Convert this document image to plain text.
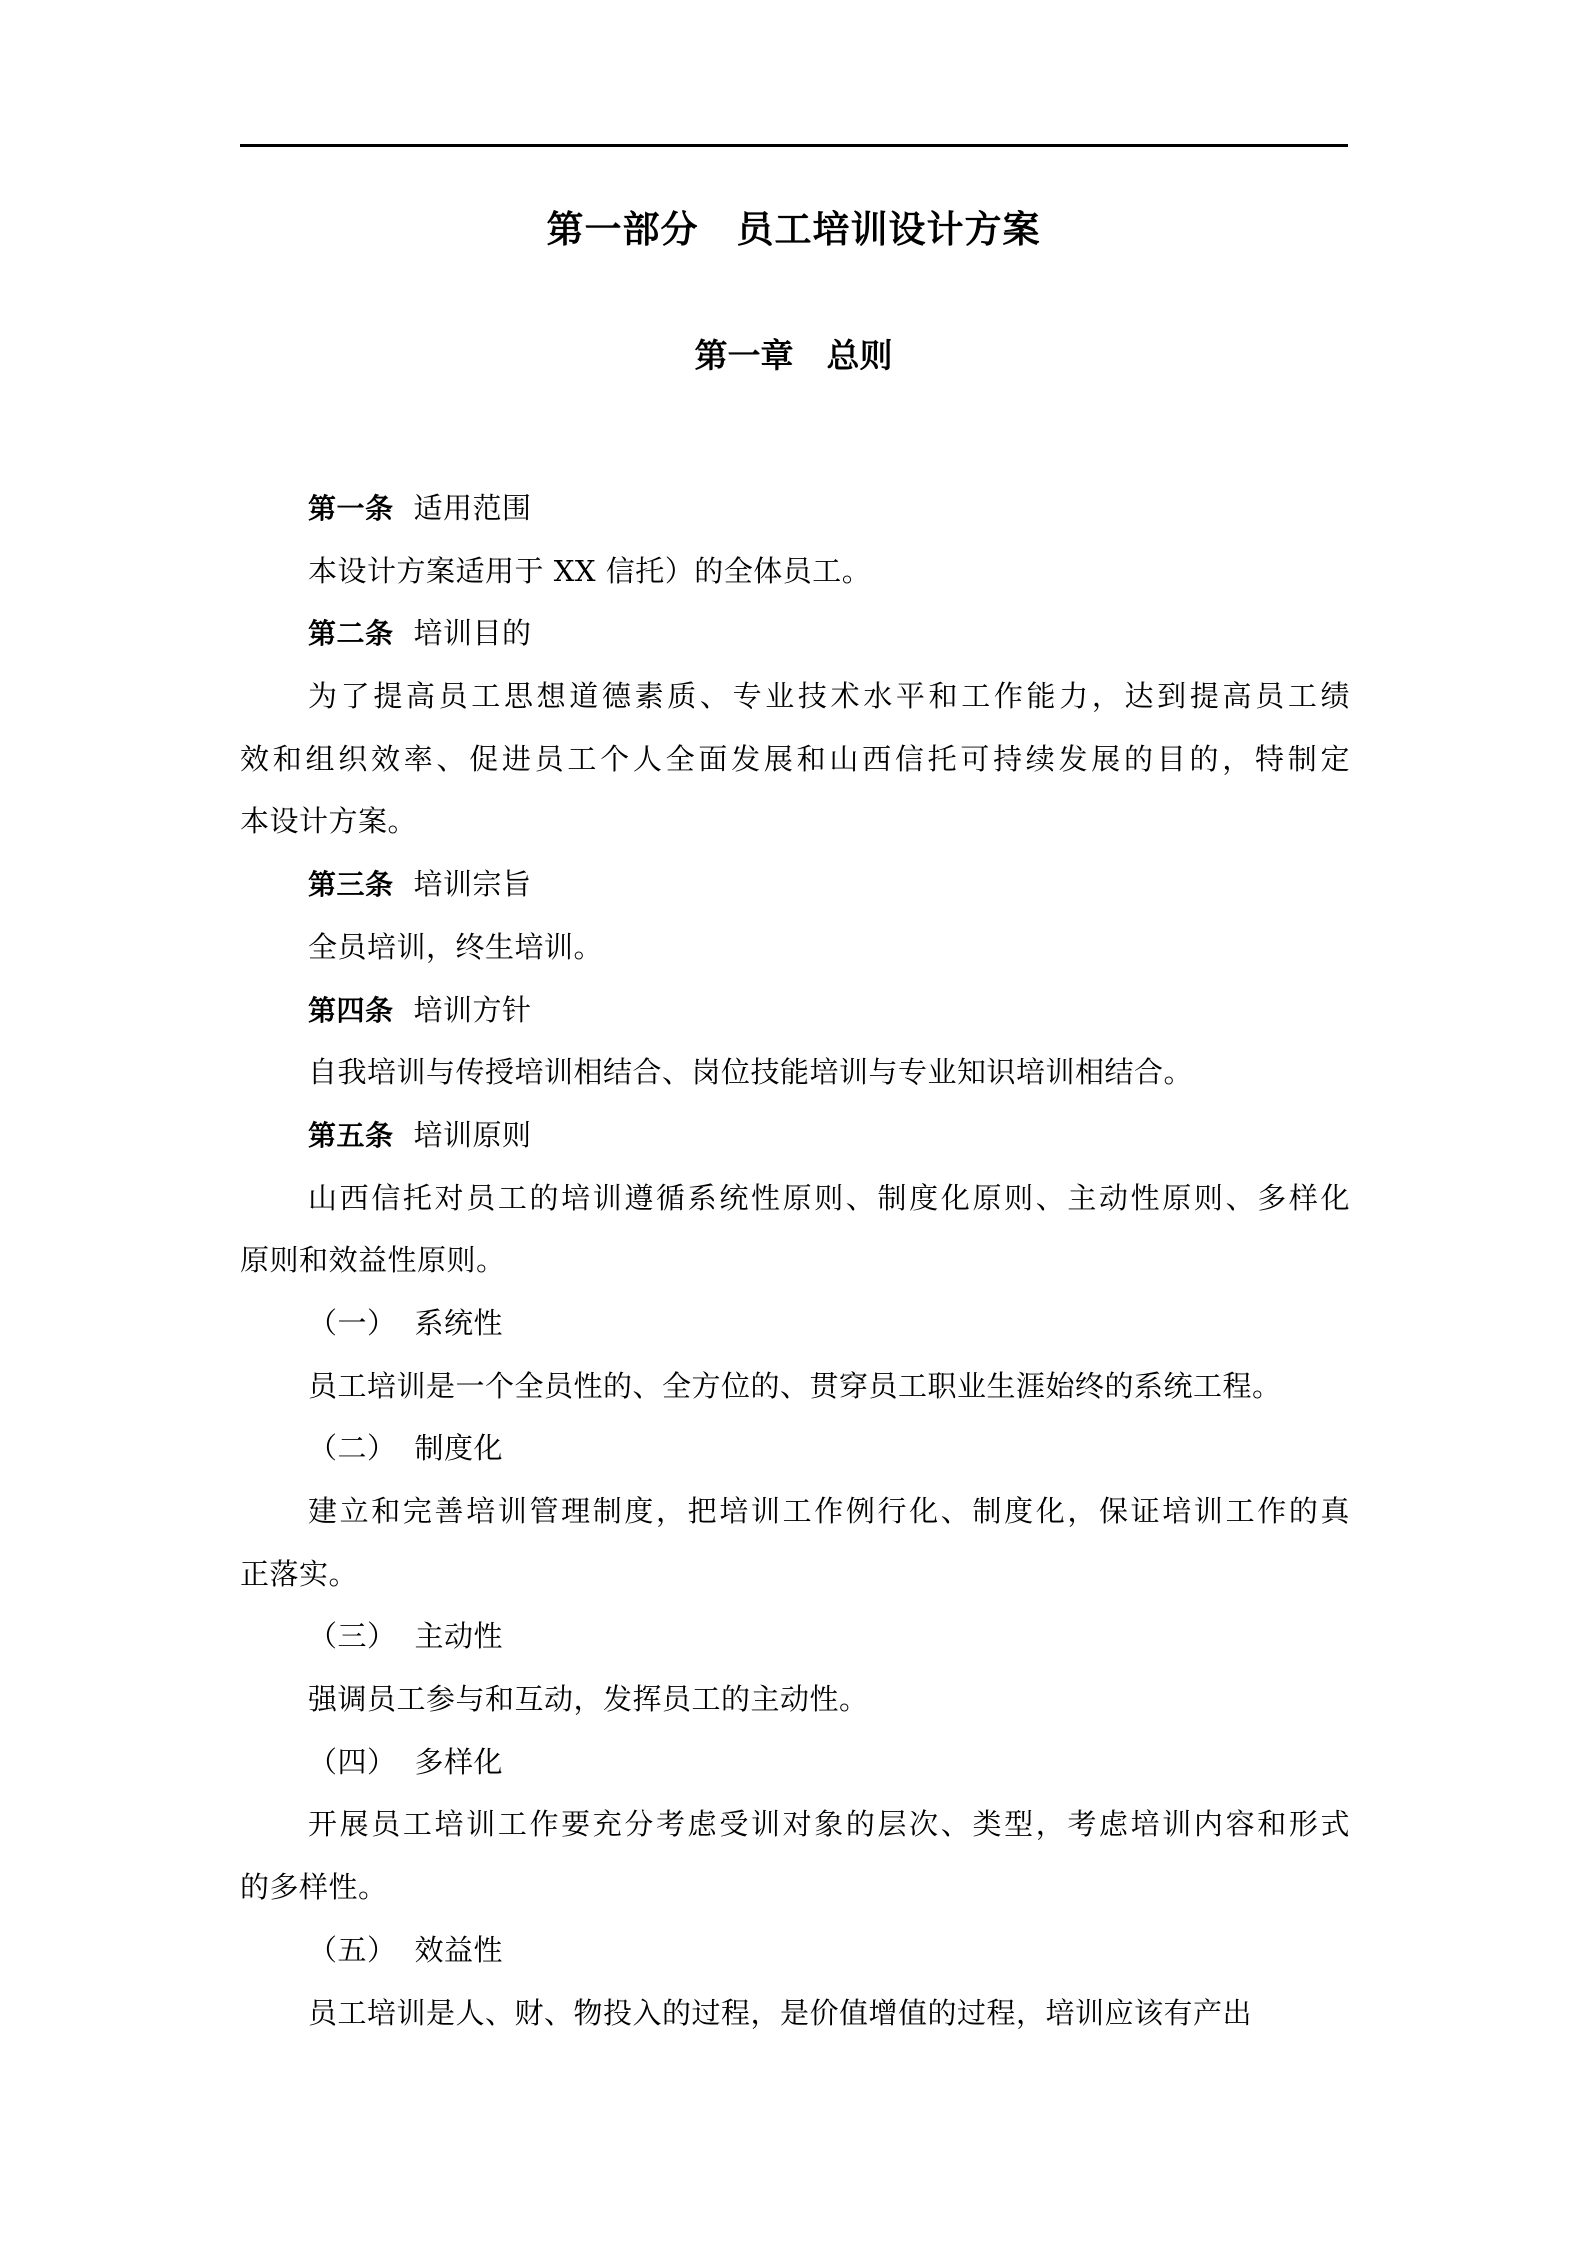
第一部分　员工培训设计方案
第一章　总则
第一条 适用范围
本设计方案适用于 XX 信托）的全体员工。
第二条 培训目的
为了提高员工思想道德素质、专业技术水平和工作能力，达到提高员工绩
效和组织效率、促进员工个人全面发展和山西信托可持续发展的目的，特制定
本设计方案。
第三条 培训宗旨
全员培训，终生培训。
第四条 培训方针
自我培训与传授培训相结合、岗位技能培训与专业知识培训相结合。
第五条 培训原则
山西信托对员工的培训遵循系统性原则、制度化原则、主动性原则、多样化
原则和效益性原则。
（一） 系统性
员工培训是一个全员性的、全方位的、贯穿员工职业生涯始终的系统工程。
（二） 制度化
建立和完善培训管理制度，把培训工作例行化、制度化，保证培训工作的真
正落实。
（三） 主动性
强调员工参与和互动，发挥员工的主动性。
（四） 多样化
开展员工培训工作要充分考虑受训对象的层次、类型，考虑培训内容和形式
的多样性。
（五） 效益性
员工培训是人、财、物投入的过程，是价值增值的过程，培训应该有产出
